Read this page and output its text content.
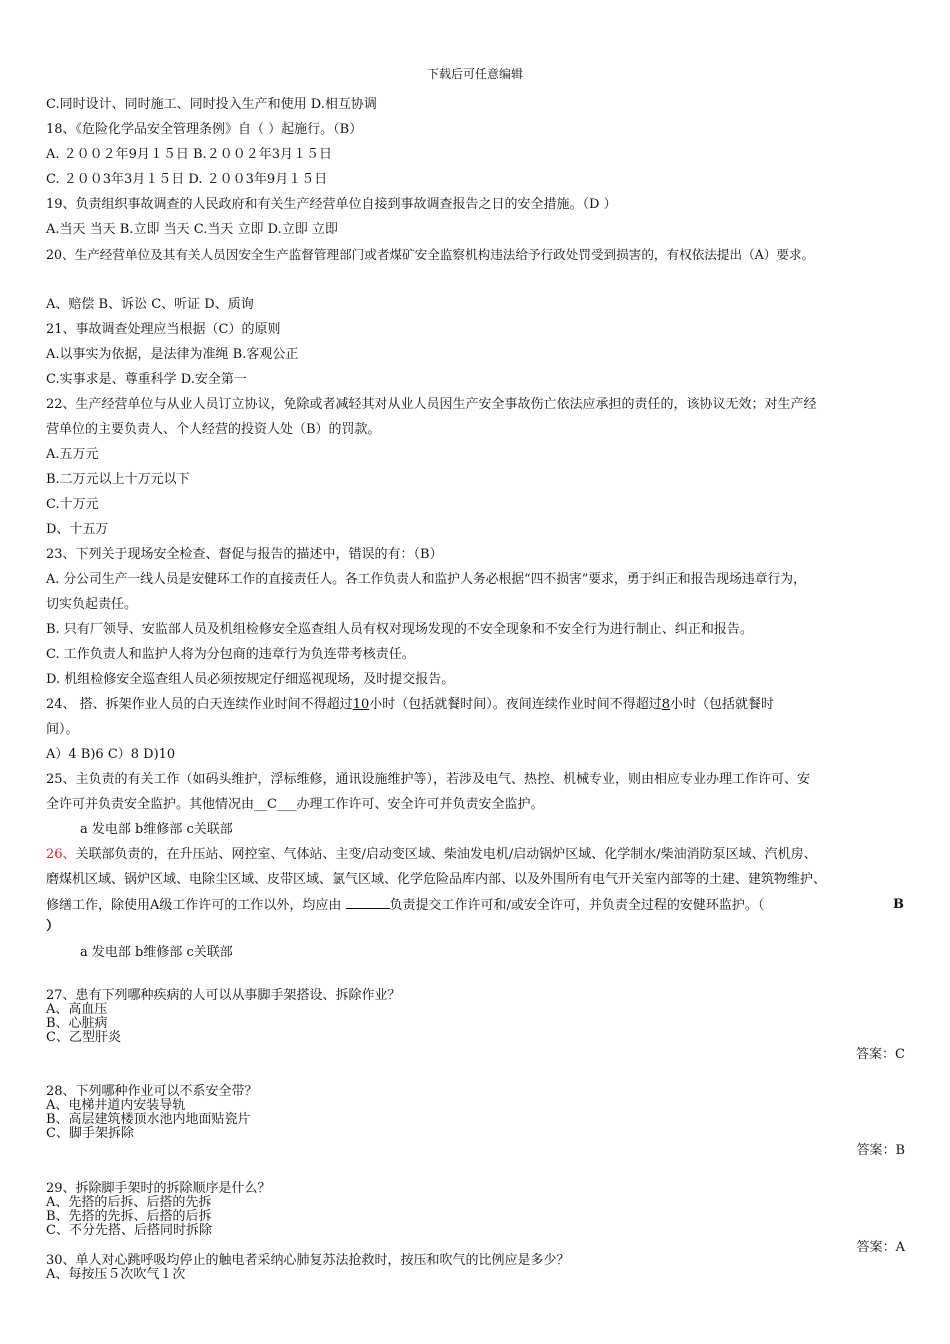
下载后可任意编辑
C.同时设计、同时施工、同时投入生产和使用 D.相互协调
18、《危险化学品安全管理条例》自（ ）起施行。（B）
A. ２００２年9月１５日 B.２００２年3月１５日
C. ２００3年3月１５日 D. ２００3年9月１５日
19、负责组织事故调查的人民政府和有关生产经营单位自接到事故调查报告之日的安全措施。（D ）
A.当天 当天 B.立即 当天 C.当天 立即 D.立即 立即
20、生产经营单位及其有关人员因安全生产监督管理部门或者煤矿安全监察机构违法给予行政处罚受到损害的，有权依法提出（A）要求。
A、赔偿 B、诉讼 C、听证 D、质询
21、事故调查处理应当根据（C）的原则
A.以事实为依据，是法律为准绳 B.客观公正
C.实事求是、尊重科学 D.安全第一
22、生产经营单位与从业人员订立协议，免除或者减轻其对从业人员因生产安全事故伤亡依法应承担的责任的，该协议无效；对生产经
营单位的主要负责人、个人经营的投资人处（B）的罚款。
A.五万元
B.二万元以上十万元以下
C.十万元
D、十五万
23、下列关于现场安全检查、督促与报告的描述中，错误的有：（B）
A. 分公司生产一线人员是安健环工作的直接责任人。各工作负责人和监护人务必根据“四不损害”要求，勇于纠正和报告现场违章行为，
切实负起责任。
B. 只有厂领导、安监部人员及机组检修安全巡查组人员有权对现场发现的不安全现象和不安全行为进行制止、纠正和报告。
C. 工作负责人和监护人将为分包商的违章行为负连带考核责任。
D. 机组检修安全巡查组人员必须按规定仔细巡视现场，及时提交报告。
24、 搭、拆架作业人员的白天连续作业时间不得超过10小时（包括就餐时间）。夜间连续作业时间不得超过8小时（包括就餐时
间）。
A）4 B)6 C）8 D)10
25、主负责的有关工作（如码头维护，浮标维修，通讯设施维护等），若涉及电气、热控、机械专业，则由相应专业办理工作许可、安
全许可并负责安全监护。其他情况由__C___办理工作许可、安全许可并负责安全监护。
a 发电部 b维修部 c关联部
26、关联部负责的，在升压站、网控室、气体站、主变/启动变区域、柴油发电机/启动锅炉区域、化学制水/柴油消防泵区域、汽机房、
磨煤机区域、锅炉区域、电除尘区域、皮带区域、氯气区域、化学危险品库内部、以及外围所有电气开关室内部等的土建、建筑物维护、
修缮工作，除使用A级工作许可的工作以外，均应由	负责提交工作许可和/或安全许可，并负责全过程的安健环监护。（	B
）
a 发电部 b维修部 c关联部
27、患有下列哪种疾病的人可以从事脚手架搭设、拆除作业？
A、高血压
B、心脏病
C、乙型肝炎
答案：C
28、下列哪种作业可以不系安全带？
A、电梯井道内安装导轨
B、高层建筑楼顶水池内地面贴瓷片
C、脚手架拆除
答案：B
29、拆除脚手架时的拆除顺序是什么？
A、先搭的后拆、后搭的先拆
B、先搭的先拆、后搭的后拆
C、不分先搭、后搭同时拆除
答案：A
30、单人对心跳呼吸均停止的触电者采纳心肺复苏法抢救时，按压和吹气的比例应是多少？
A、每按压５次吹气１次
